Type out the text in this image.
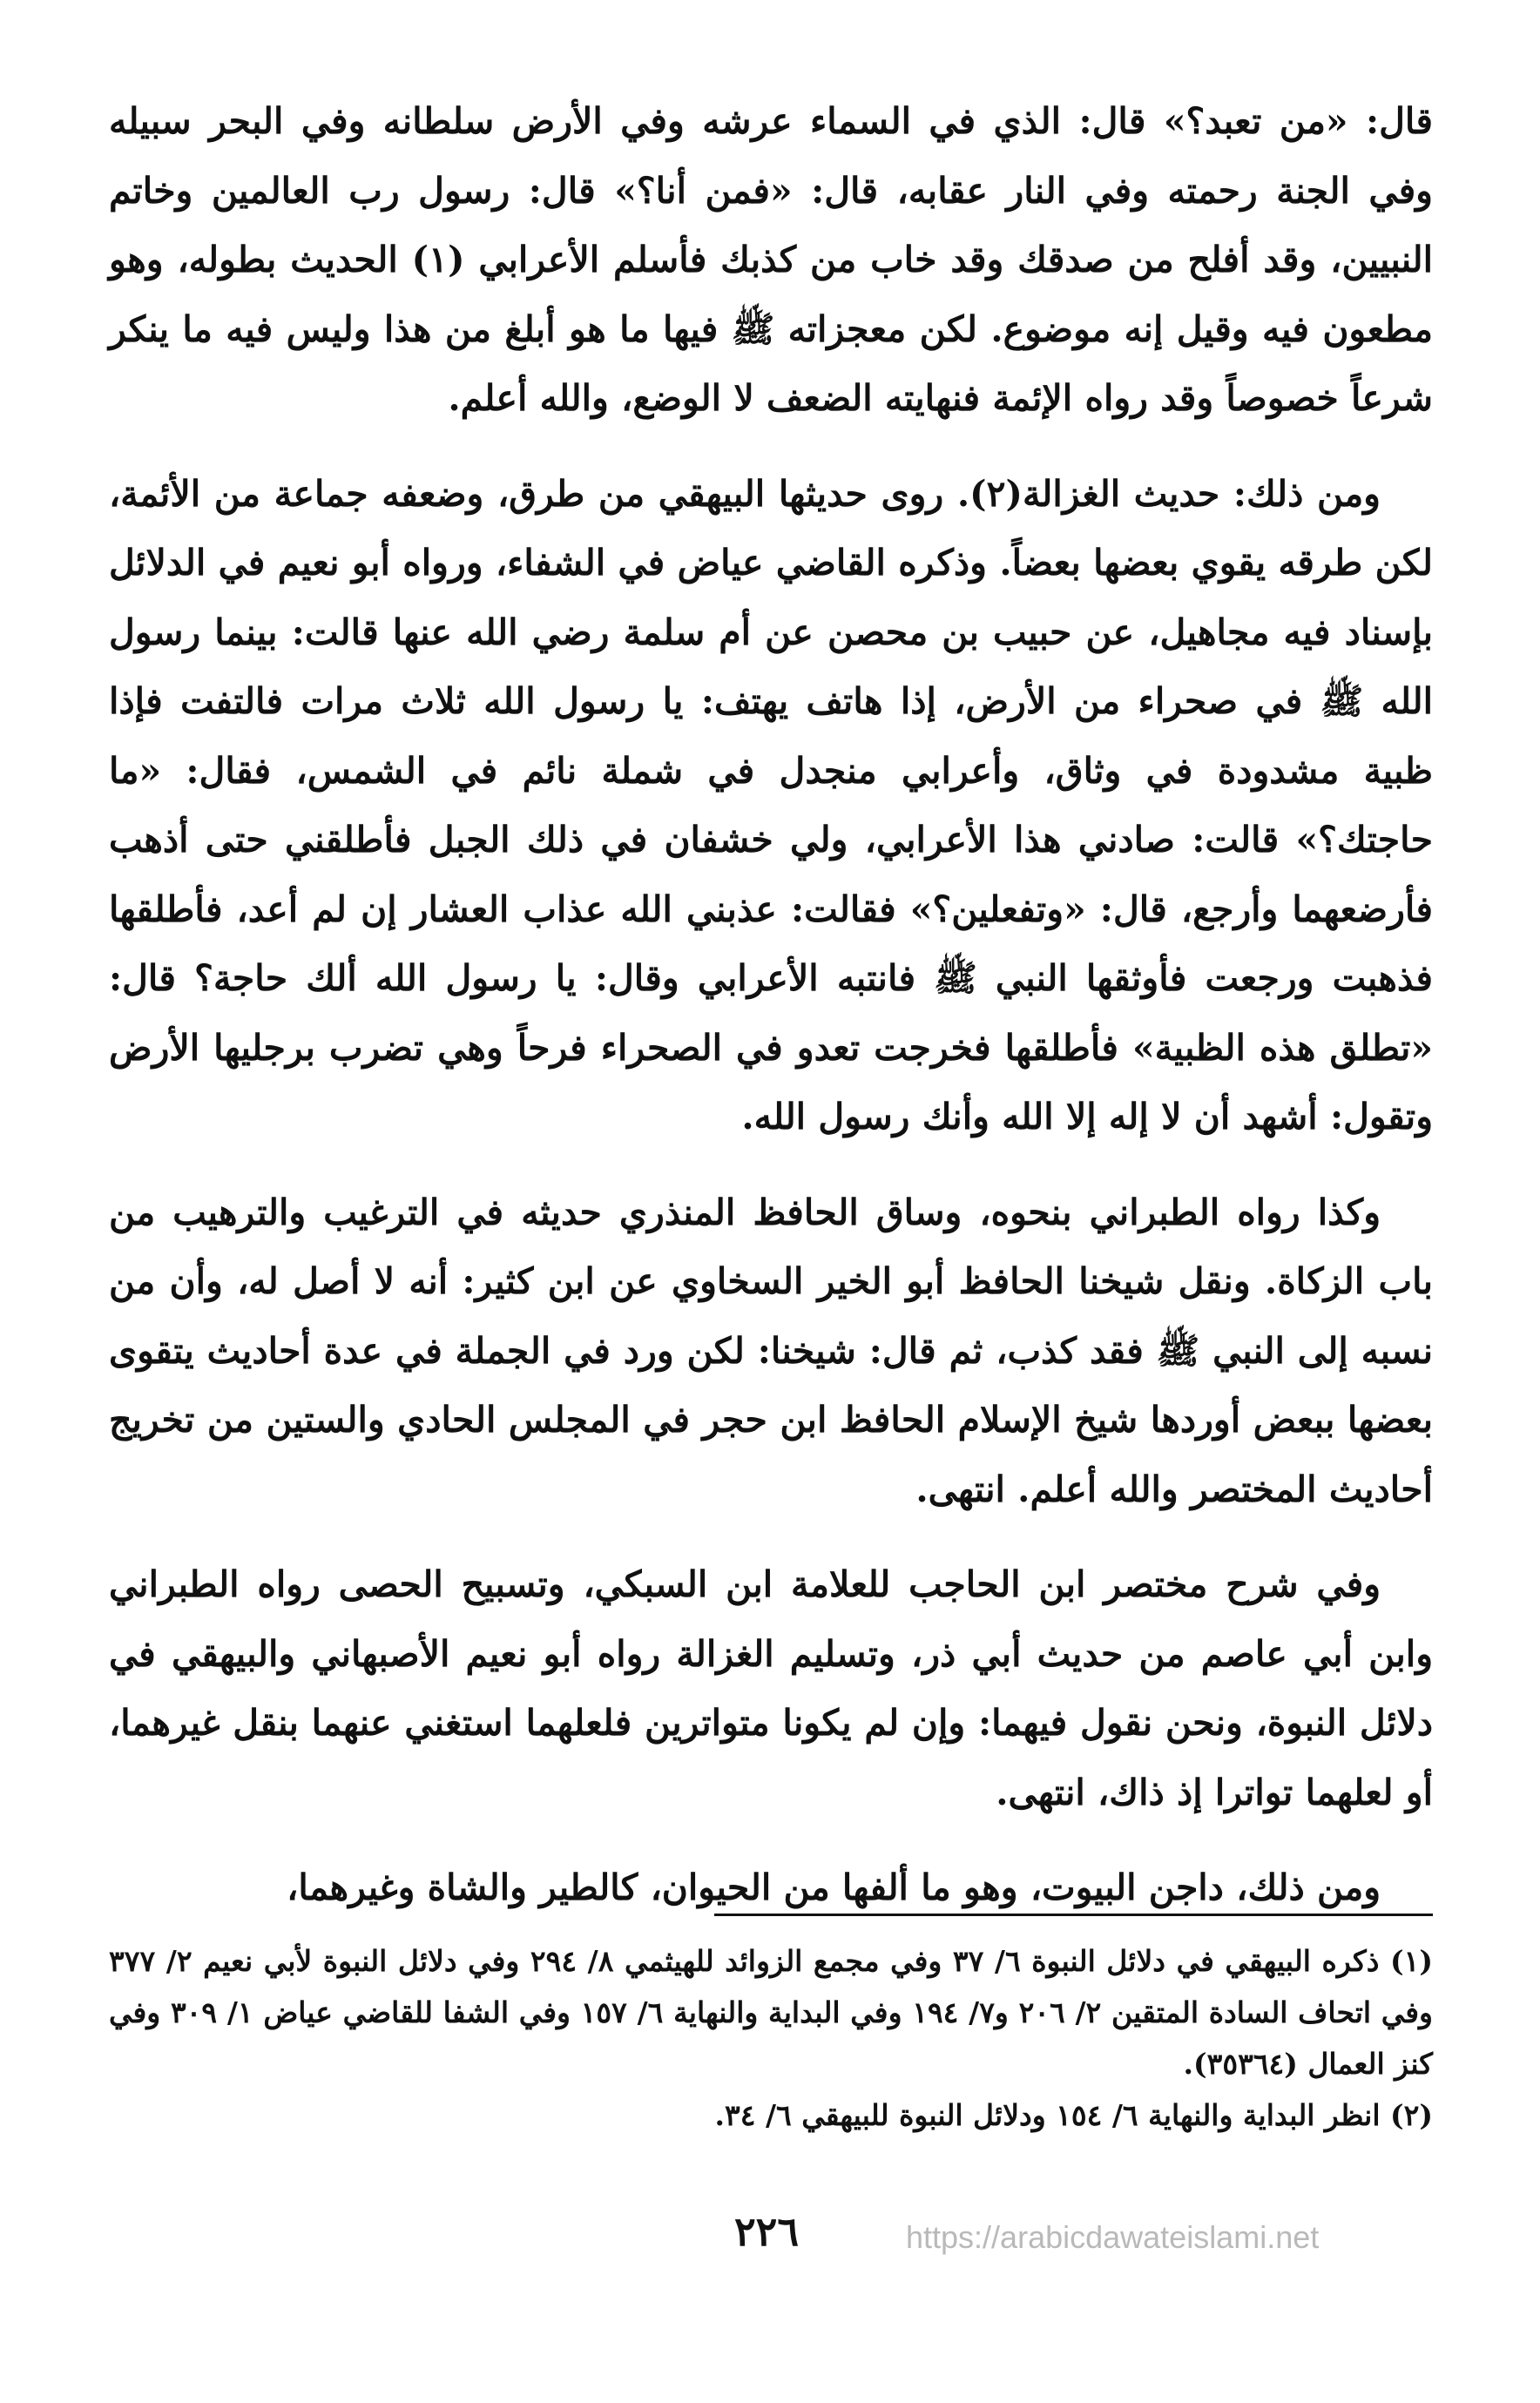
قال: «من تعبد؟» قال: الذي في السماء عرشه وفي الأرض سلطانه وفي البحر سبيله وفي الجنة رحمته وفي النار عقابه، قال: «فمن أنا؟» قال: رسول رب العالمين وخاتم النبيين، وقد أفلح من صدقك وقد خاب من كذبك فأسلم الأعرابي (١) الحديث بطوله، وهو مطعون فيه وقيل إنه موضوع. لكن معجزاته ﷺ فيها ما هو أبلغ من هذا وليس فيه ما ينكر شرعاً خصوصاً وقد رواه الإئمة فنهايته الضعف لا الوضع، والله أعلم.

ومن ذلك: حديث الغزالة(٢). روى حديثها البيهقي من طرق، وضعفه جماعة من الأئمة، لكن طرقه يقوي بعضها بعضاً. وذكره القاضي عياض في الشفاء، ورواه أبو نعيم في الدلائل بإسناد فيه مجاهيل، عن حبيب بن محصن عن أم سلمة رضي الله عنها قالت: بينما رسول الله ﷺ في صحراء من الأرض، إذا هاتف يهتف: يا رسول الله ثلاث مرات فالتفت فإذا ظبية مشدودة في وثاق، وأعرابي منجدل في شملة نائم في الشمس، فقال: «ما حاجتك؟» قالت: صادني هذا الأعرابي، ولي خشفان في ذلك الجبل فأطلقني حتى أذهب فأرضعهما وأرجع، قال: «وتفعلين؟» فقالت: عذبني الله عذاب العشار إن لم أعد، فأطلقها فذهبت ورجعت فأوثقها النبي ﷺ فانتبه الأعرابي وقال: يا رسول الله ألك حاجة؟ قال: «تطلق هذه الظبية» فأطلقها فخرجت تعدو في الصحراء فرحاً وهي تضرب برجليها الأرض وتقول: أشهد أن لا إله إلا الله وأنك رسول الله.

وكذا رواه الطبراني بنحوه، وساق الحافظ المنذري حديثه في الترغيب والترهيب من باب الزكاة. ونقل شيخنا الحافظ أبو الخير السخاوي عن ابن كثير: أنه لا أصل له، وأن من نسبه إلى النبي ﷺ فقد كذب، ثم قال: شيخنا: لكن ورد في الجملة في عدة أحاديث يتقوى بعضها ببعض أوردها شيخ الإسلام الحافظ ابن حجر في المجلس الحادي والستين من تخريج أحاديث المختصر والله أعلم. انتهى.

وفي شرح مختصر ابن الحاجب للعلامة ابن السبكي، وتسبيح الحصى رواه الطبراني وابن أبي عاصم من حديث أبي ذر، وتسليم الغزالة رواه أبو نعيم الأصبهاني والبيهقي في دلائل النبوة، ونحن نقول فيهما: وإن لم يكونا متواترين فلعلهما استغني عنهما بنقل غيرهما، أو لعلهما تواترا إذ ذاك، انتهى.

ومن ذلك، داجن البيوت، وهو ما ألفها من الحيوان، كالطير والشاة وغيرهما،

(١) ذكره البيهقي في دلائل النبوة ٦/ ٣٧ وفي مجمع الزوائد للهيثمي ٨/ ٢٩٤ وفي دلائل النبوة لأبي نعيم ٢/ ٣٧٧ وفي اتحاف السادة المتقين ٢/ ٢٠٦ و٧/ ١٩٤ وفي البداية والنهاية ٦/ ١٥٧ وفي الشفا للقاضي عياض ١/ ٣٠٩ وفي كنز العمال (٣٥٣٦٤).

(٢) انظر البداية والنهاية ٦/ ١٥٤ ودلائل النبوة للبيهقي ٦/ ٣٤.

٢٢٦	https://arabicdawateislami.net
